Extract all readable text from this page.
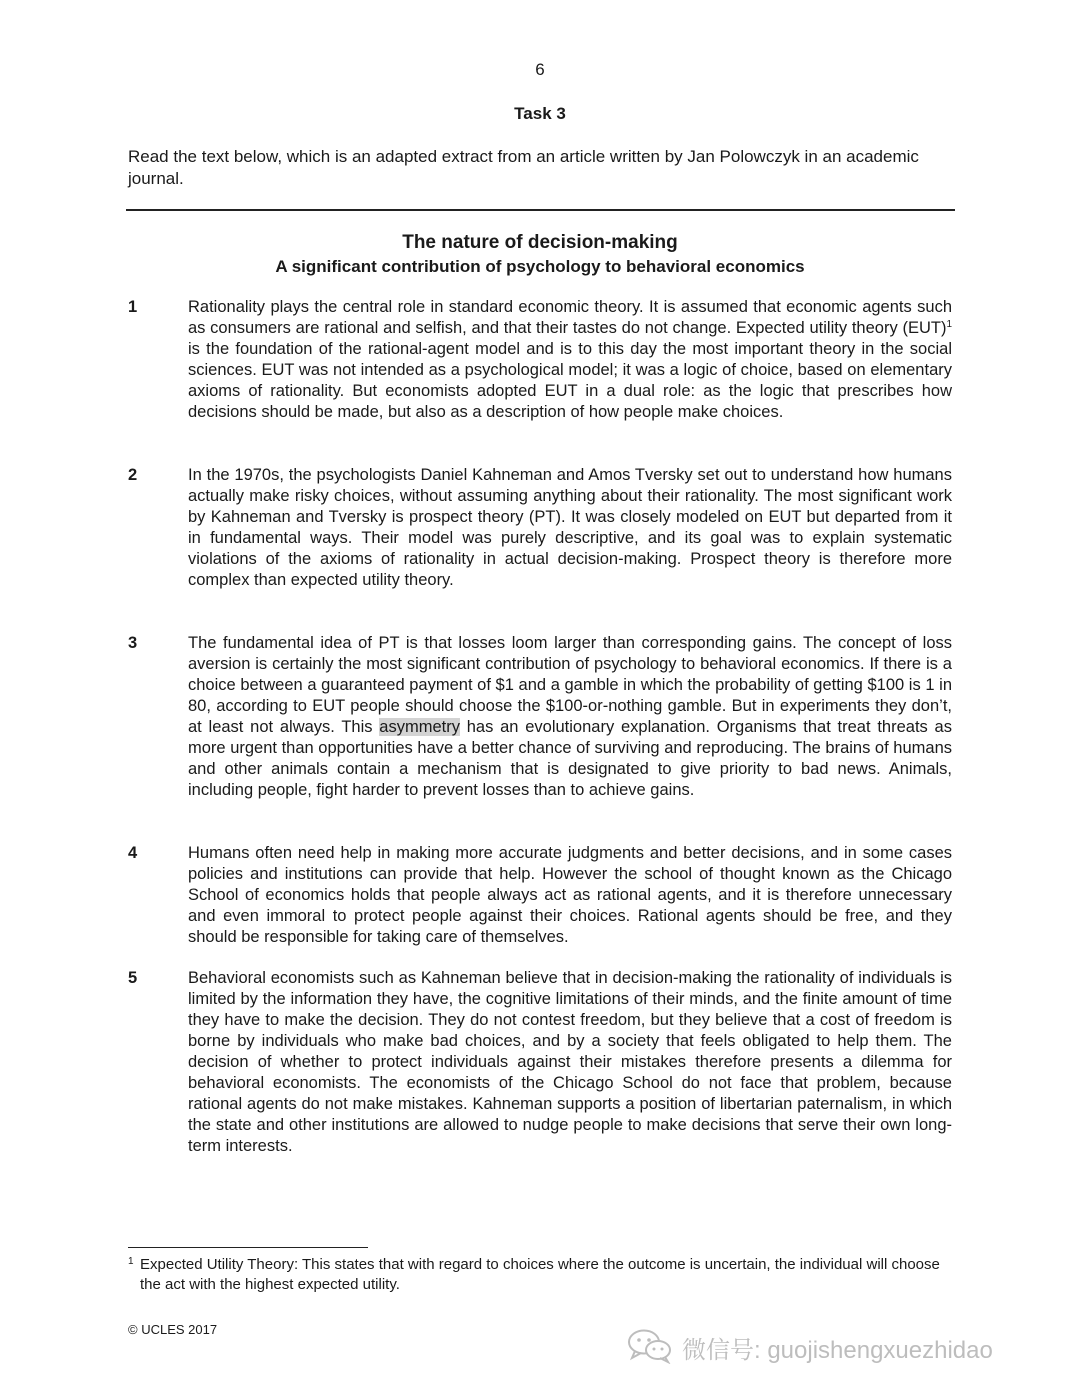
6
Task 3
Read the text below, which is an adapted extract from an article written by Jan Polowczyk in an academic journal.
The nature of decision-making
A significant contribution of psychology to behavioral economics
1	Rationality plays the central role in standard economic theory. It is assumed that economic agents such as consumers are rational and selfish, and that their tastes do not change. Expected utility theory (EUT)$^1$ is the foundation of the rational-agent model and is to this day the most important theory in the social sciences. EUT was not intended as a psychological model; it was a logic of choice, based on elementary axioms of rationality. But economists adopted EUT in a dual role: as the logic that prescribes how decisions should be made, but also as a description of how people make choices.
2	In the 1970s, the psychologists Daniel Kahneman and Amos Tversky set out to understand how humans actually make risky choices, without assuming anything about their rationality. The most significant work by Kahneman and Tversky is prospect theory (PT). It was closely modeled on EUT but departed from it in fundamental ways. Their model was purely descriptive, and its goal was to explain systematic violations of the axioms of rationality in actual decision-making. Prospect theory is therefore more complex than expected utility theory.
3	The fundamental idea of PT is that losses loom larger than corresponding gains. The concept of loss aversion is certainly the most significant contribution of psychology to behavioral economics. If there is a choice between a guaranteed payment of $1 and a gamble in which the probability of getting $100 is 1 in 80, according to EUT people should choose the $100-or-nothing gamble. But in experiments they don’t, at least not always. This asymmetry has an evolutionary explanation. Organisms that treat threats as more urgent than opportunities have a better chance of surviving and reproducing. The brains of humans and other animals contain a mechanism that is designated to give priority to bad news. Animals, including people, fight harder to prevent losses than to achieve gains.
4	Humans often need help in making more accurate judgments and better decisions, and in some cases policies and institutions can provide that help. However the school of thought known as the Chicago School of economics holds that people always act as rational agents, and it is therefore unnecessary and even immoral to protect people against their choices. Rational agents should be free, and they should be responsible for taking care of themselves.
5	Behavioral economists such as Kahneman believe that in decision-making the rationality of individuals is limited by the information they have, the cognitive limitations of their minds, and the finite amount of time they have to make the decision. They do not contest freedom, but they believe that a cost of freedom is borne by individuals who make bad choices, and by a society that feels obligated to help them. The decision of whether to protect individuals against their mistakes therefore presents a dilemma for behavioral economists. The economists of the Chicago School do not face that problem, because rational agents do not make mistakes. Kahneman supports a position of libertarian paternalism, in which the state and other institutions are allowed to nudge people to make decisions that serve their own long-term interests.
1 Expected Utility Theory: This states that with regard to choices where the outcome is uncertain, the individual will choose the act with the highest expected utility.
© UCLES 2017
微信号: guojishengxuezhidao
